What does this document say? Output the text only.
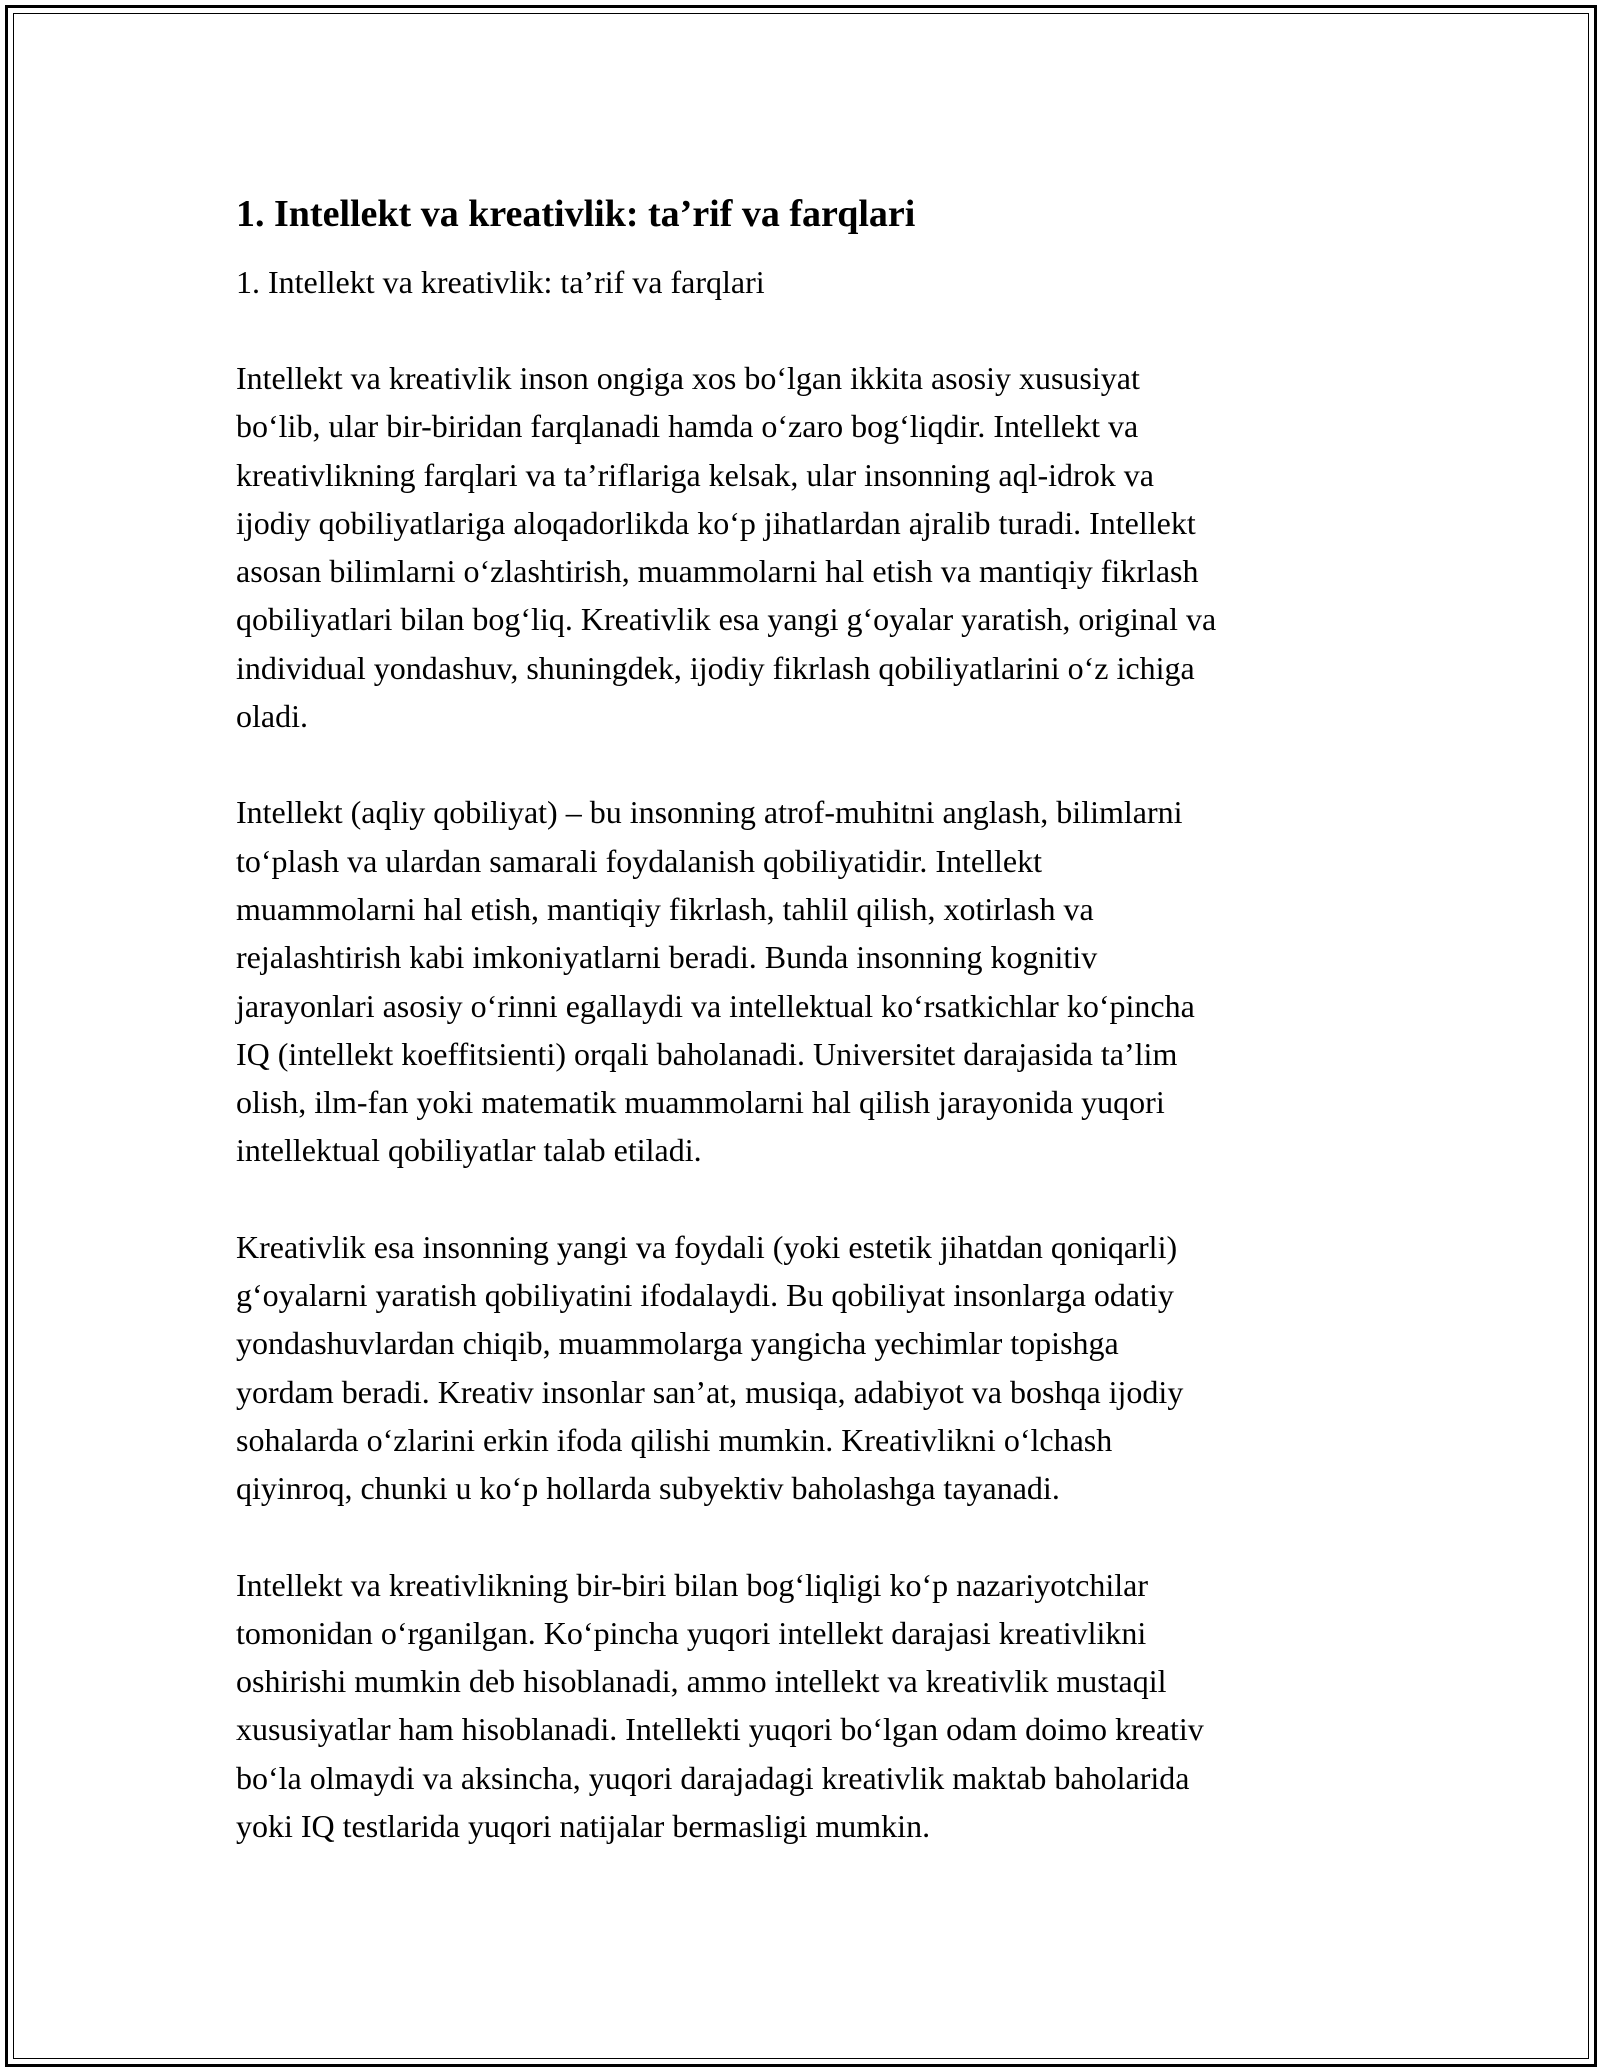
1. Intellekt va kreativlik: ta’rif va farqlari

1. Intellekt va kreativlik: ta’rif va farqlari

Intellekt va kreativlik inson ongiga xos bo‘lgan ikkita asosiy xususiyat
bo‘lib, ular bir-biridan farqlanadi hamda o‘zaro bog‘liqdir. Intellekt va
kreativlikning farqlari va ta’riflariga kelsak, ular insonning aql-idrok va
ijodiy qobiliyatlariga aloqadorlikda ko‘p jihatlardan ajralib turadi. Intellekt
asosan bilimlarni o‘zlashtirish, muammolarni hal etish va mantiqiy fikrlash
qobiliyatlari bilan bog‘liq. Kreativlik esa yangi g‘oyalar yaratish, original va
individual yondashuv, shuningdek, ijodiy fikrlash qobiliyatlarini o‘z ichiga
oladi.

Intellekt (aqliy qobiliyat) – bu insonning atrof-muhitni anglash, bilimlarni
to‘plash va ulardan samarali foydalanish qobiliyatidir. Intellekt
muammolarni hal etish, mantiqiy fikrlash, tahlil qilish, xotirlash va
rejalashtirish kabi imkoniyatlarni beradi. Bunda insonning kognitiv
jarayonlari asosiy o‘rinni egallaydi va intellektual ko‘rsatkichlar ko‘pincha
IQ (intellekt koeffitsienti) orqali baholanadi. Universitet darajasida ta’lim
olish, ilm-fan yoki matematik muammolarni hal qilish jarayonida yuqori
intellektual qobiliyatlar talab etiladi.

Kreativlik esa insonning yangi va foydali (yoki estetik jihatdan qoniqarli)
g‘oyalarni yaratish qobiliyatini ifodalaydi. Bu qobiliyat insonlarga odatiy
yondashuvlardan chiqib, muammolarga yangicha yechimlar topishga
yordam beradi. Kreativ insonlar san’at, musiqa, adabiyot va boshqa ijodiy
sohalarda o‘zlarini erkin ifoda qilishi mumkin. Kreativlikni o‘lchash
qiyinroq, chunki u ko‘p hollarda subyektiv baholashga tayanadi.

Intellekt va kreativlikning bir-biri bilan bog‘liqligi ko‘p nazariyotchilar
tomonidan o‘rganilgan. Ko‘pincha yuqori intellekt darajasi kreativlikni
oshirishi mumkin deb hisoblanadi, ammo intellekt va kreativlik mustaqil
xususiyatlar ham hisoblanadi. Intellekti yuqori bo‘lgan odam doimo kreativ
bo‘la olmaydi va aksincha, yuqori darajadagi kreativlik maktab baholarida
yoki IQ testlarida yuqori natijalar bermasligi mumkin.
